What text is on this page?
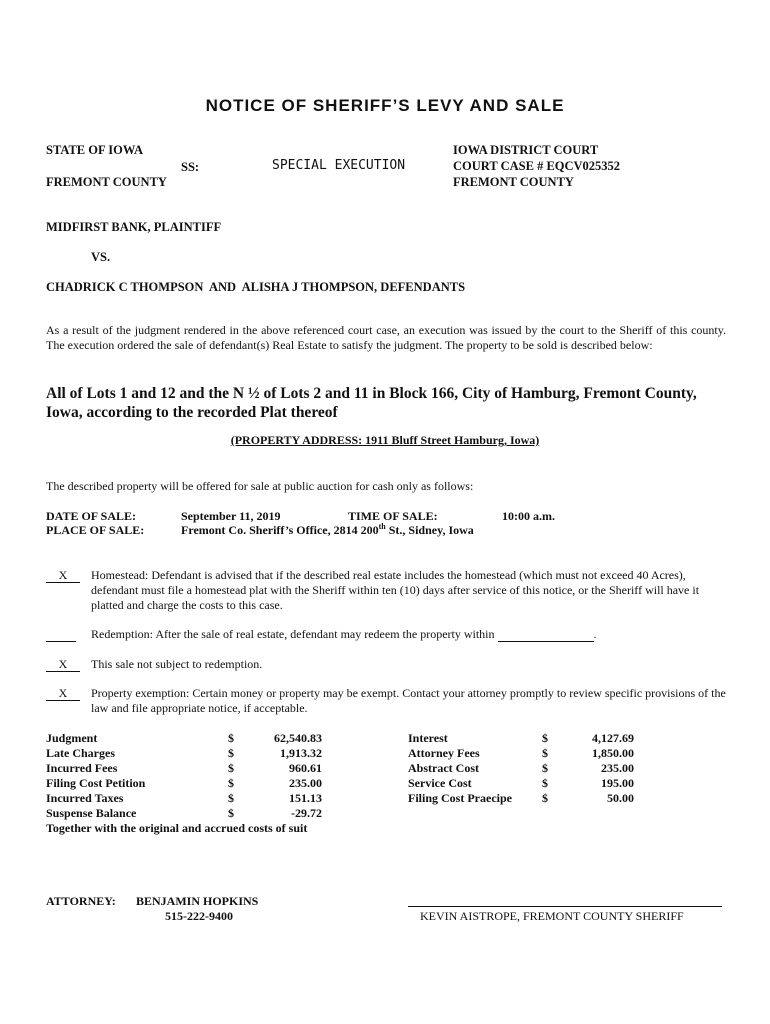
NOTICE OF SHERIFF’S LEVY AND SALE
STATE OF IOWA
FREMONT COUNTY
SS:	SPECIAL EXECUTION
IOWA DISTRICT COURT
COURT CASE # EQCV025352
FREMONT COUNTY
MIDFIRST BANK, PLAINTIFF
VS.
CHADRICK C THOMPSON  AND  ALISHA J THOMPSON, DEFENDANTS
As a result of the judgment rendered in the above referenced court case, an execution was issued by the court to the Sheriff of this county. The execution ordered the sale of defendant(s) Real Estate to satisfy the judgment. The property to be sold is described below:
All of Lots 1 and 12 and the N ½ of Lots 2 and 11 in Block 166, City of Hamburg, Fremont County, Iowa, according to the recorded Plat thereof
(PROPERTY ADDRESS: 1911 Bluff Street Hamburg, Iowa)
The described property will be offered for sale at public auction for cash only as follows:
DATE OF SALE:	September 11, 2019	TIME OF SALE:	10:00 a.m.
PLACE OF SALE:	Fremont Co. Sheriff’s Office, 2814 200th St., Sidney, Iowa
X	Homestead: Defendant is advised that if the described real estate includes the homestead (which must not exceed 40 Acres), defendant must file a homestead plat with the Sheriff within ten (10) days after service of this notice, or the Sheriff will have it platted and charge the costs to this case.
Redemption: After the sale of real estate, defendant may redeem the property within	.
X	This sale not subject to redemption.
X	Property exemption: Certain money or property may be exempt. Contact your attorney promptly to review specific provisions of the law and file appropriate notice, if acceptable.
Judgment	$	62,540.83
Late Charges	$	1,913.32
Incurred Fees	$	960.61
Filing Cost Petition	$	235.00
Incurred Taxes	$	151.13
Suspense Balance	$	-29.72
Together with the original and accrued costs of suit
Interest	$	4,127.69
Attorney Fees	$	1,850.00
Abstract Cost	$	235.00
Service Cost	$	195.00
Filing Cost Praecipe	$	50.00
ATTORNEY: BENJAMIN HOPKINS
515-222-9400	KEVIN AISTROPE, FREMONT COUNTY SHERIFF
